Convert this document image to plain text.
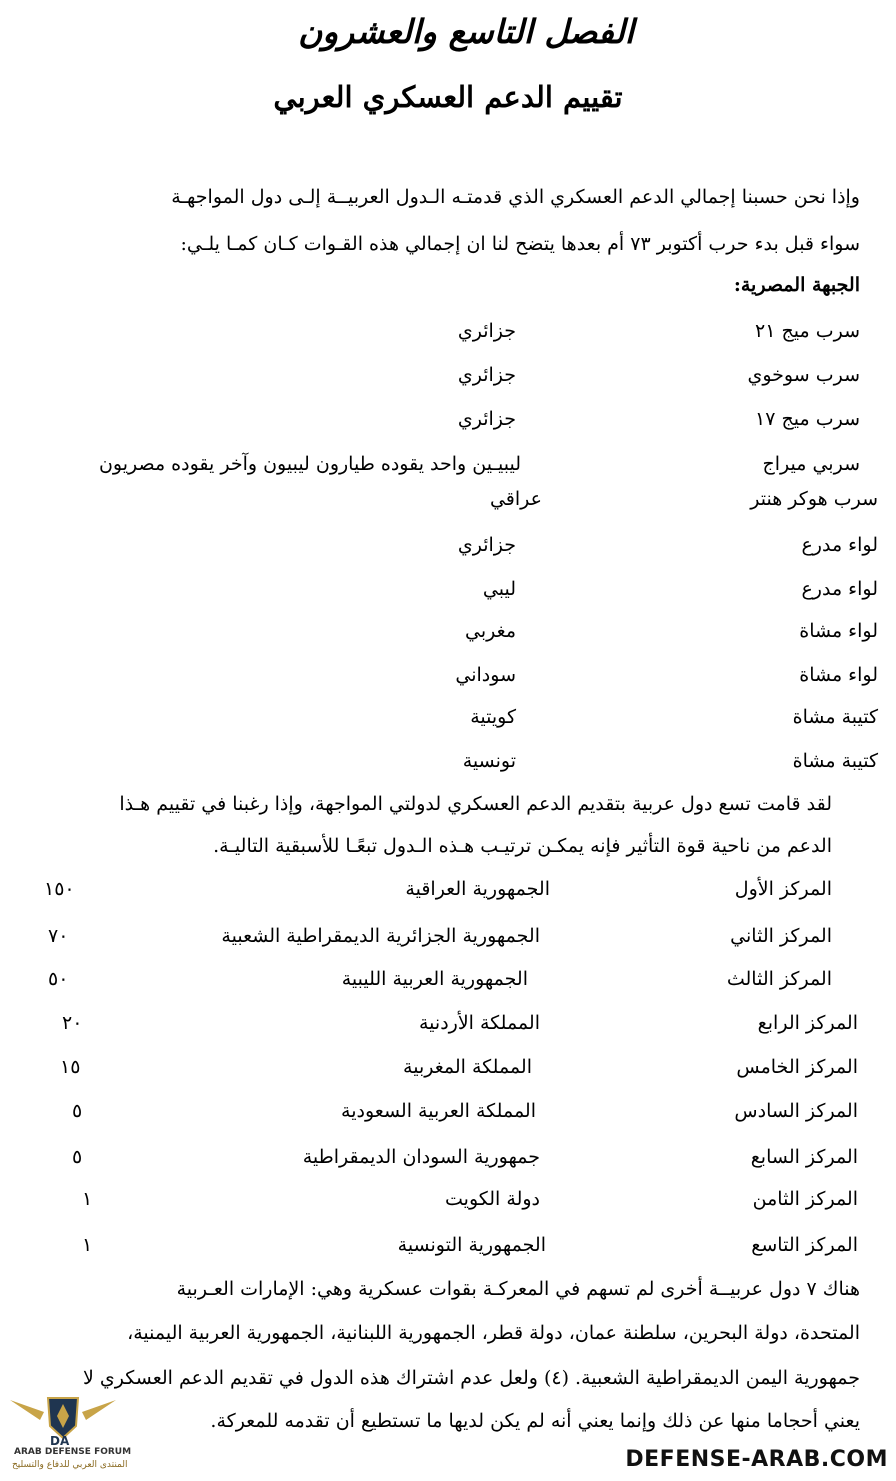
الفصل التاسع والعشرون
تقييم الدعم العسكري العربي
وإذا نحن حسبنا إجمالي الدعم العسكري الذي قدمتـه الـدول العربيــة إلـى دول المواجهـة
سواء قبل بدء حرب أكتوبر ٧٣ أم بعدها يتضح لنا ان إجمالي هذه القـوات كـان كمـا يلـي:
الجبهة المصرية:
سرب ميج ٢١
جزائري
سرب سوخوي
جزائري
سرب ميج ١٧
جزائري
سربي ميراج
ليبيـين واحد يقوده طيارون ليبيون وآخر يقوده مصريون
سرب هوكر هنتر
عراقي
لواء مدرع
جزائري
لواء مدرع
ليبي
لواء مشاة
مغربي
لواء مشاة
سوداني
كتيبة مشاة
كويتية
كتيبة مشاة
تونسية
لقد قامت تسع دول عربية بتقديم الدعم العسكري لدولتي المواجهة، وإذا رغبنا في تقييم هـذا
الدعم من ناحية قوة التأثير فإنه يمكـن ترتيـب هـذه الـدول تبعًـا للأسبقية التاليـة.
المركز الأول
الجمهورية العراقية
١٥٠
المركز الثاني
الجمهورية الجزائرية الديمقراطية الشعبية
٧٠
المركز الثالث
الجمهورية العربية الليبية
٥٠
المركز الرابع
المملكة الأردنية
٢٠
المركز الخامس
المملكة المغربية
١٥
المركز السادس
المملكة العربية السعودية
٥
المركز السابع
جمهورية السودان الديمقراطية
٥
المركز الثامن
دولة الكويت
١
المركز التاسع
الجمهورية التونسية
١
هناك ٧ دول عربيــة أخرى لم تسهم في المعركـة بقوات عسكرية وهي: الإمارات العـربية
المتحدة، دولة البحرين، سلطنة عمان، دولة قطر، الجمهورية اللبنانية، الجمهورية العربية اليمنية،
جمهورية اليمن الديمقراطية الشعبية. (٤) ولعل عدم اشتراك هذه الدول في تقديم الدعم العسكري لا
يعني أحجاما منها عن ذلك وإنما يعني أنه لم يكن لديها ما تستطيع أن تقدمه للمعركة.
DEFENSE-ARAB.COM
DA
ARAB DEFENSE FORUM
المنتدى العربي للدفاع والتسليح
